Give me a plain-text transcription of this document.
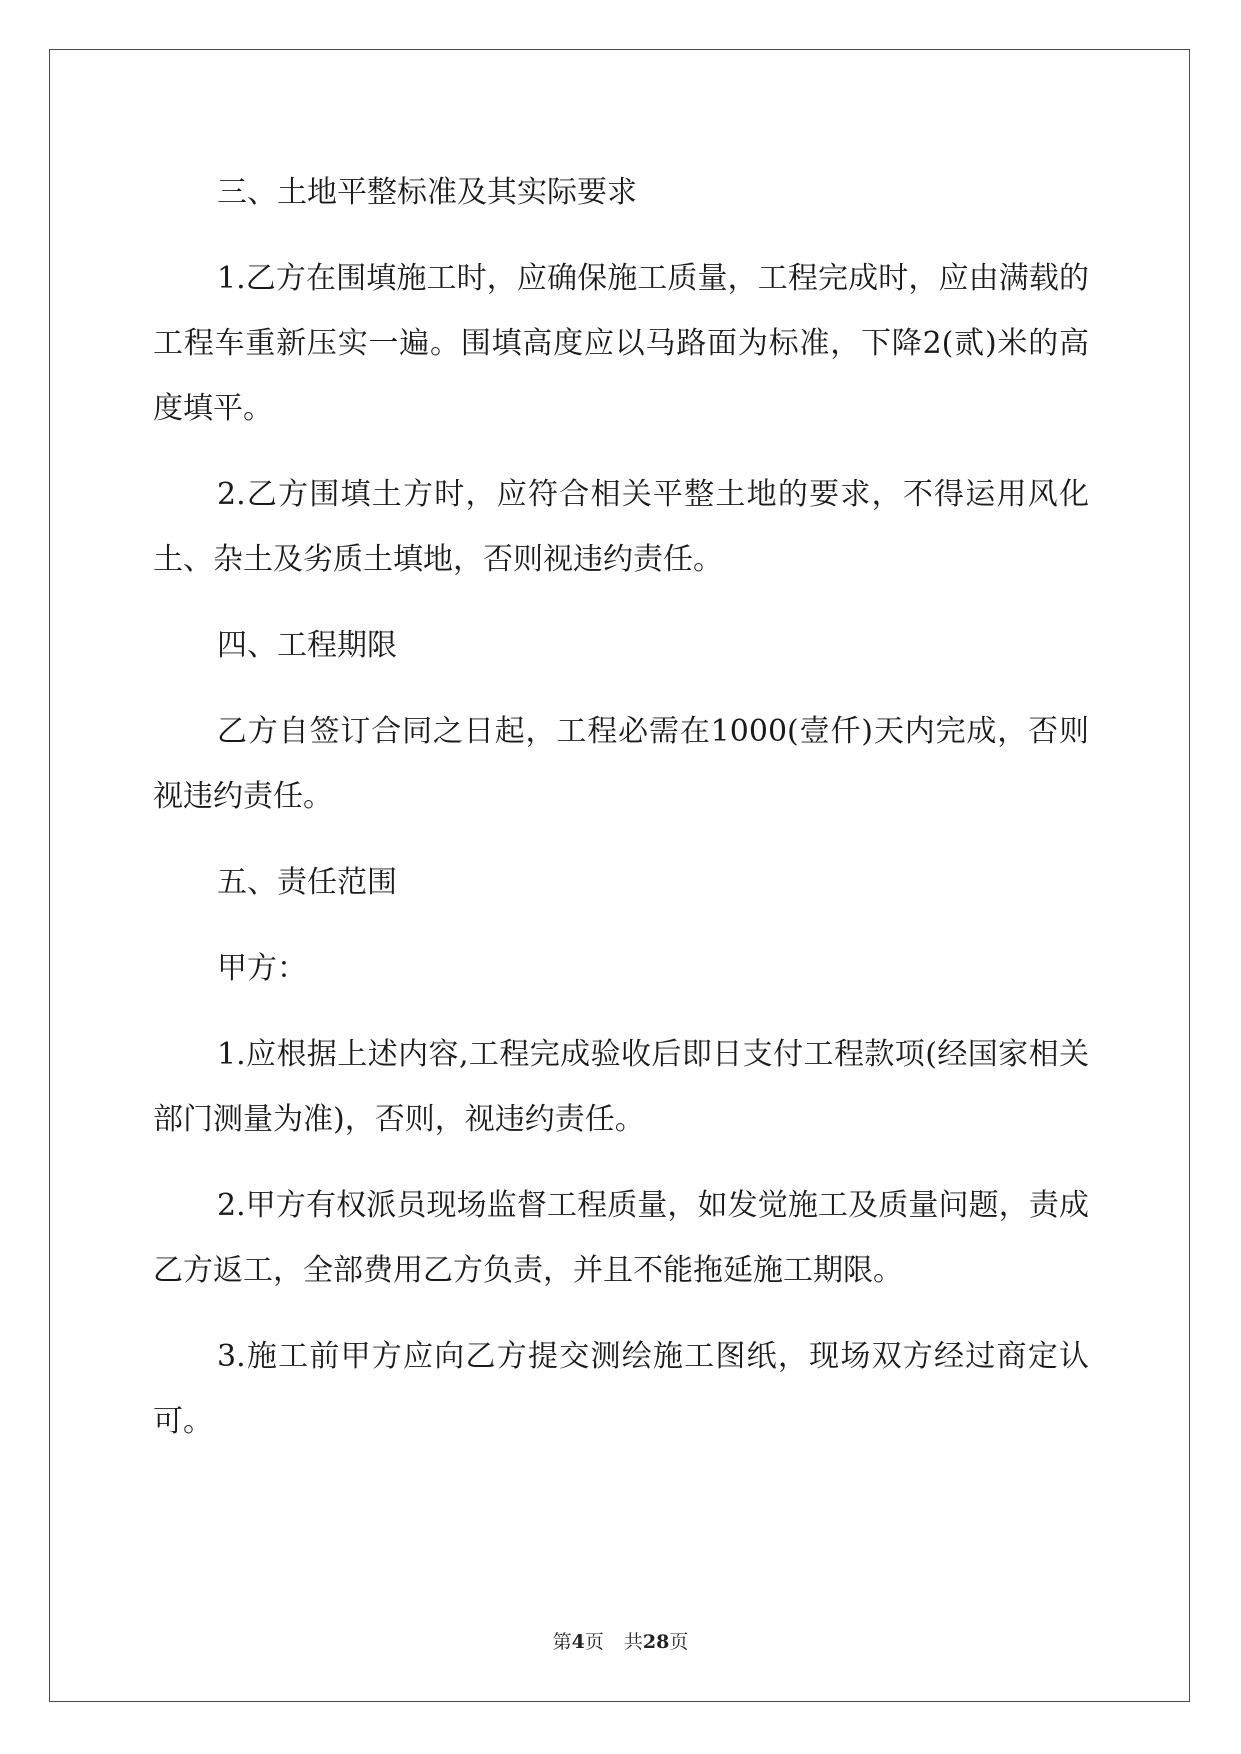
三、土地平整标准及其实际要求

1.乙方在围填施工时，应确保施工质量，工程完成时，应由满载的工程车重新压实一遍。围填高度应以马路面为标准，下降2(贰)米的高度填平。

2.乙方围填土方时，应符合相关平整土地的要求，不得运用风化土、杂土及劣质土填地，否则视违约责任。

四、工程期限

乙方自签订合同之日起，工程必需在1000(壹仟)天内完成，否则视违约责任。

五、责任范围

甲方：

1.应根据上述内容,工程完成验收后即日支付工程款项(经国家相关部门测量为准)，否则，视违约责任。

2.甲方有权派员现场监督工程质量，如发觉施工及质量问题，责成乙方返工，全部费用乙方负责，并且不能拖延施工期限。

3.施工前甲方应向乙方提交测绘施工图纸，现场双方经过商定认可。

第4页 共28页
